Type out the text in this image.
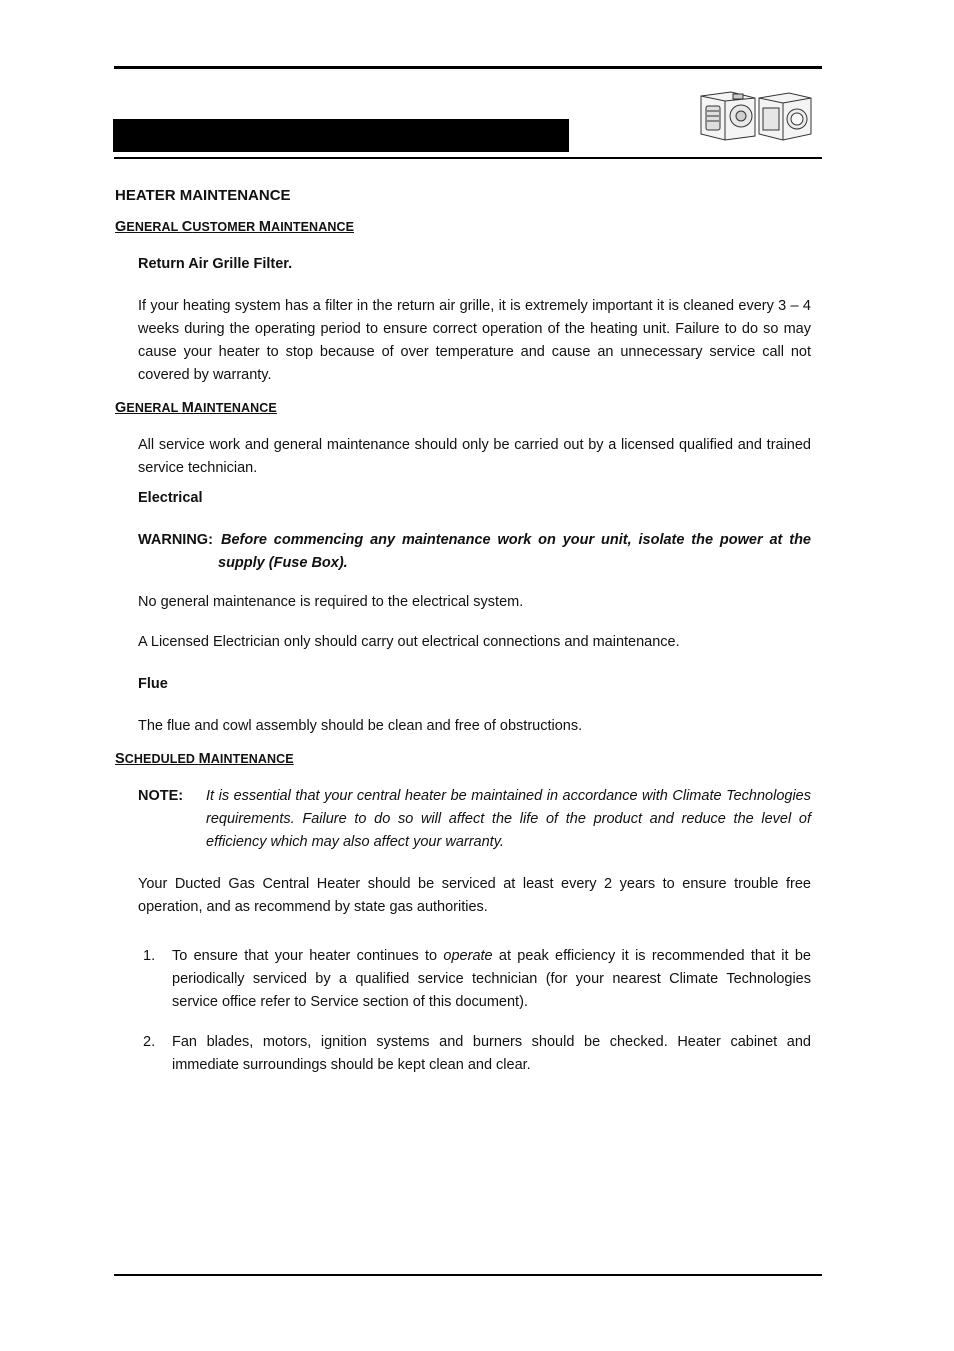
HEATER MAINTENANCE
GENERAL CUSTOMER MAINTENANCE
Return Air Grille Filter.
If your heating system has a filter in the return air grille, it is extremely important it is cleaned every 3 – 4 weeks during the operating period to ensure correct operation of the heating unit. Failure to do so may cause your heater to stop because of over temperature and cause an unnecessary service call not covered by warranty.
GENERAL MAINTENANCE
All service work and general maintenance should only be carried out by a licensed qualified and trained service technician.
Electrical
WARNING: Before commencing any maintenance work on your unit, isolate the power at the supply (Fuse Box).
No general maintenance is required to the electrical system.
A Licensed Electrician only should carry out electrical connections and maintenance.
Flue
The flue and cowl assembly should be clean and free of obstructions.
SCHEDULED MAINTENANCE
NOTE: It is essential that your central heater be maintained in accordance with Climate Technologies requirements. Failure to do so will affect the life of the product and reduce the level of efficiency which may also affect your warranty.
Your Ducted Gas Central Heater should be serviced at least every 2 years to ensure trouble free operation, and as recommend by state gas authorities.
1. To ensure that your heater continues to operate at peak efficiency it is recommended that it be periodically serviced by a qualified service technician (for your nearest Climate Technologies service office refer to Service section of this document).
2. Fan blades, motors, ignition systems and burners should be checked. Heater cabinet and immediate surroundings should be kept clean and clear.
